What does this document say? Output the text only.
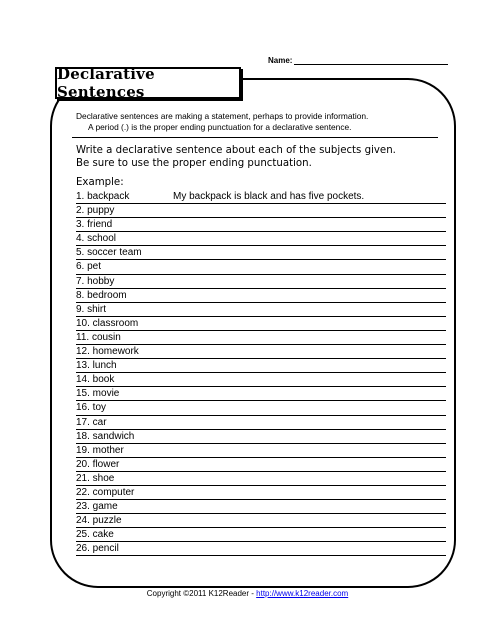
Name:
Declarative Sentences
Declarative sentences are making a statement, perhaps to provide information.
A period (.) is the proper ending punctuation for a declarative sentence.
Write a declarative sentence about each of the subjects given.
Be sure to use the proper ending punctuation.
Example:
1. backpack	My backpack is black and has five pockets.
2. puppy
3. friend
4. school
5. soccer team
6. pet
7. hobby
8. bedroom
9. shirt
10. classroom
11. cousin
12. homework
13. lunch
14. book
15. movie
16. toy
17. car
18. sandwich
19. mother
20. flower
21. shoe
22. computer
23. game
24. puzzle
25. cake
26. pencil
Copyright ©2011 K12Reader - http://www.k12reader.com
